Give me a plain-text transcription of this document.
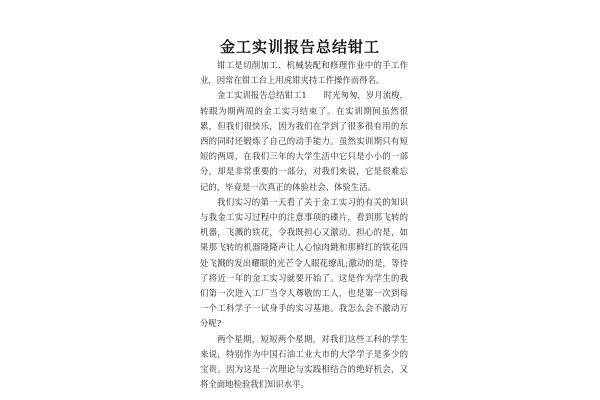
金工实训报告总结钳工

钳工是切削加工、机械装配和修理作业中的手工作业，因常在钳工台上用虎钳夹持工件操作而得名。

金工实训报告总结钳工1　　时光匆匆，岁月流梭，转眼为期两周的金工实习结束了。在实训期间虽然很累，但我们很快乐，因为我们在学到了很多很有用的东西的同时还锻炼了自己的动手能力。虽然实训期只有短短的两周，在我们三年的大学生活中它只是小小的一部分，却是非常重要的一部分，对我们来说，它是很难忘记的，毕竟是一次真正的体验社会、体验生活。

我们实习的第一天看了关于金工实习的有关的知识与我金工实习过程中的注意事项的碟片，看到那飞转的机器，飞溅的铁花，令我既担心又激动。担心的是，如果那飞转的机器隆隆声让人心惊肉跳和那鲜红的铁花四处飞溅的发出耀眼的光芒令人眼花缭乱;激动的是，等待了将近一年的金工实习就要开始了。这是作为学生的我们第一次进入工厂当令人尊敬的工人，也是第一次到每一个工科学子一试身手的实习基地。我怎么会不激动万分呢?

两个星期，短短两个星期，对我们这些工科的学生来说，特别作为中国石油工业大市的大学学子是多少的宝贵。因为这是一次理论与实践相结合的绝好机会，又将全面地检验我们知识水平。
